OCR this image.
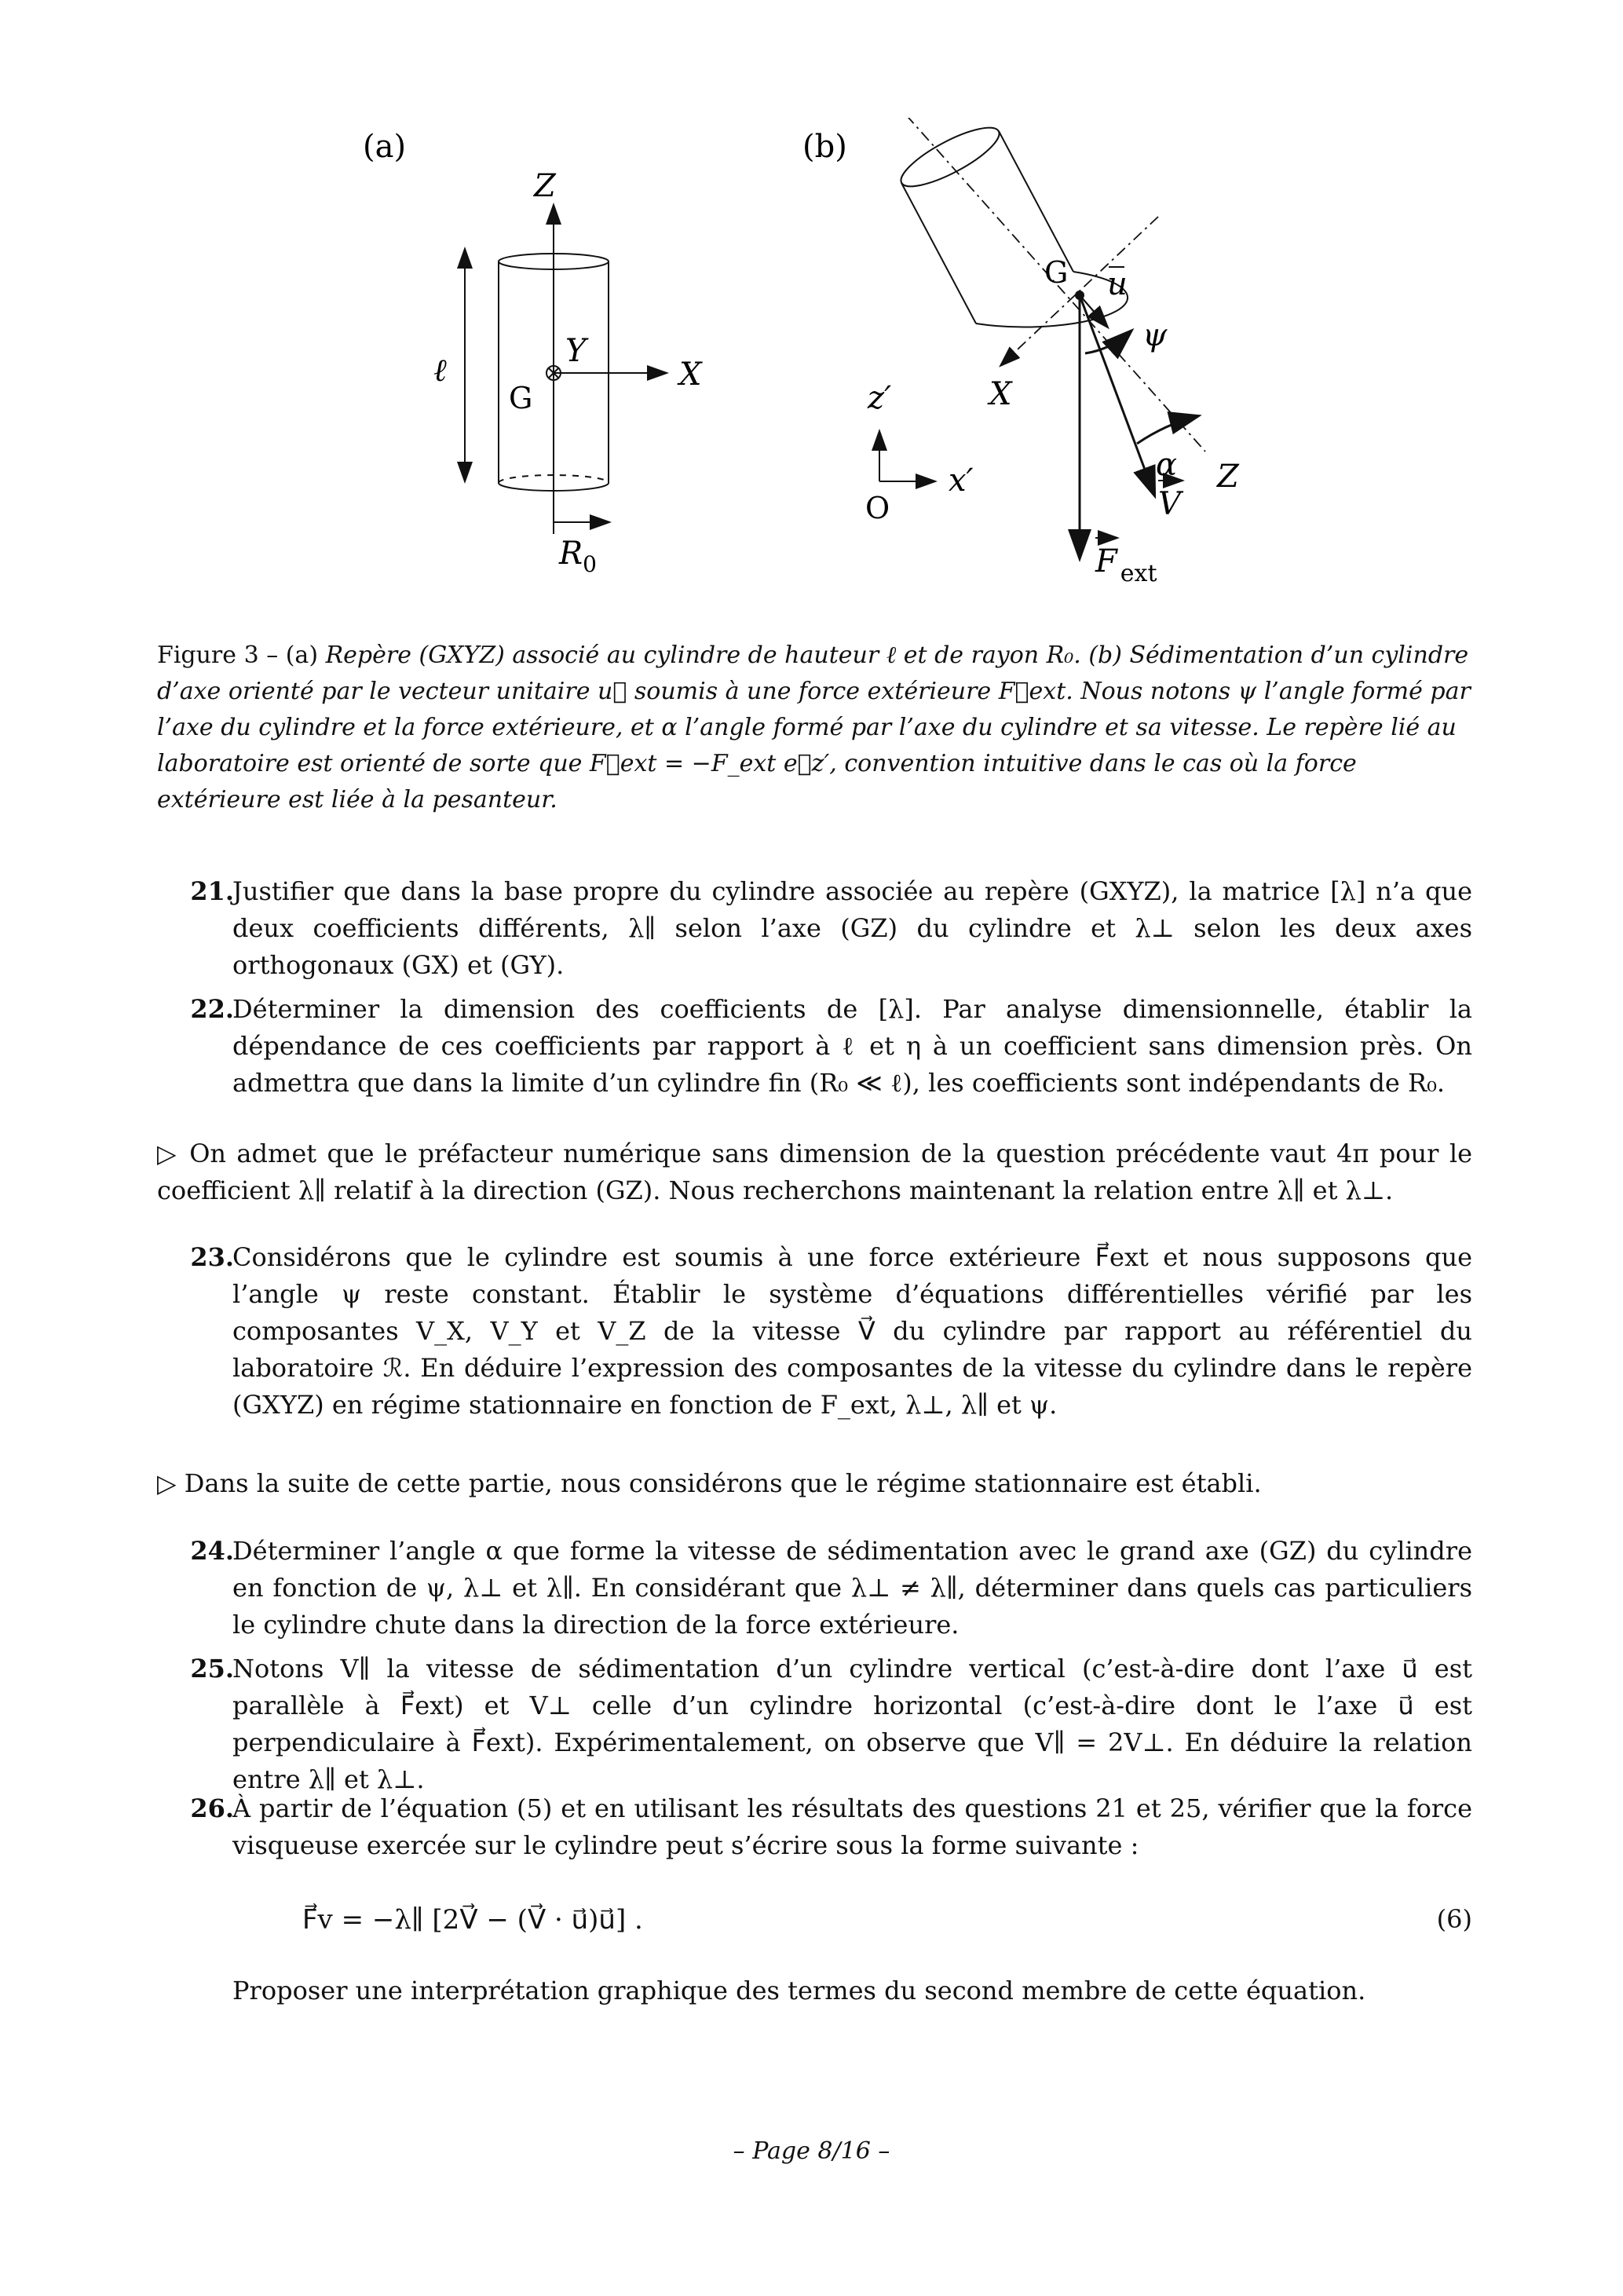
(a)
Z
X
Y
G
ℓ
$R_0$
(b)
G u
ψ
X
F $_{ext}$
V
α Z
z′
x′
O
Figure 3 – (a) Repère (GXYZ) associé au cylindre de hauteur ℓ et de rayon R₀. (b) Sédimentation d’un cylindre d’axe orienté par le vecteur unitaire u⃗ soumis à une force extérieure F⃗ext. Nous notons ψ l’angle formé par l’axe du cylindre et la force extérieure, et α l’angle formé par l’axe du cylindre et sa vitesse. Le repère lié au laboratoire est orienté de sorte que F⃗ext = −F_ext e⃗z′, convention intuitive dans le cas où la force extérieure est liée à la pesanteur.
21.
Justifier que dans la base propre du cylindre associée au repère (GXYZ), la matrice [λ] n’a que deux coefficients différents, λ∥ selon l’axe (GZ) du cylindre et λ⊥ selon les deux axes orthogonaux (GX) et (GY).
22.
Déterminer la dimension des coefficients de [λ]. Par analyse dimensionnelle, établir la dépendance de ces coefficients par rapport à ℓ et η à un coefficient sans dimension près. On admettra que dans la limite d’un cylindre fin (R₀ ≪ ℓ), les coefficients sont indépendants de R₀.
▷ On admet que le préfacteur numérique sans dimension de la question précédente vaut 4π pour le coefficient λ∥ relatif à la direction (GZ). Nous recherchons maintenant la relation entre λ∥ et λ⊥.
23.
Considérons que le cylindre est soumis à une force extérieure F⃗ext et nous supposons que l’angle ψ reste constant. Établir le système d’équations différentielles vérifié par les composantes V_X, V_Y et V_Z de la vitesse V⃗ du cylindre par rapport au référentiel du laboratoire ℛ. En déduire l’expression des composantes de la vitesse du cylindre dans le repère (GXYZ) en régime stationnaire en fonction de F_ext, λ⊥, λ∥ et ψ.
▷ Dans la suite de cette partie, nous considérons que le régime stationnaire est établi.
24.
Déterminer l’angle α que forme la vitesse de sédimentation avec le grand axe (GZ) du cylindre en fonction de ψ, λ⊥ et λ∥. En considérant que λ⊥ ≠ λ∥, déterminer dans quels cas particuliers le cylindre chute dans la direction de la force extérieure.
25.
Notons V∥ la vitesse de sédimentation d’un cylindre vertical (c’est-à-dire dont l’axe u⃗ est parallèle à F⃗ext) et V⊥ celle d’un cylindre horizontal (c’est-à-dire dont le l’axe u⃗ est perpendiculaire à F⃗ext). Expérimentalement, on observe que V∥ = 2V⊥. En déduire la relation entre λ∥ et λ⊥.
26.
À partir de l’équation (5) et en utilisant les résultats des questions 21 et 25, vérifier que la force visqueuse exercée sur le cylindre peut s’écrire sous la forme suivante :
F⃗v = −λ∥ [2V⃗ − (V⃗ · u⃗)u⃗] .	(6)
Proposer une interprétation graphique des termes du second membre de cette équation.
– Page 8/16 –
